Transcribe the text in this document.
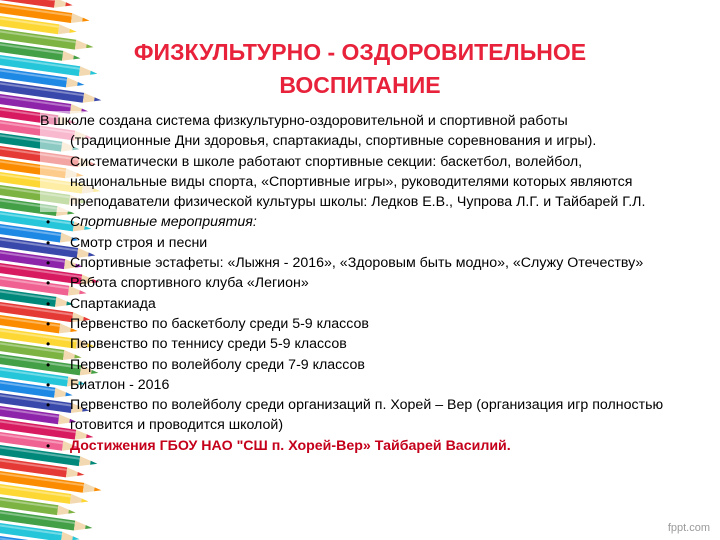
ФИЗКУЛЬТУРНО - ОЗДОРОВИТЕЛЬНОЕ
ВОСПИТАНИЕ

В школе создана система физкультурно-оздоровительной и спортивной работы (традиционные Дни здоровья, спартакиады, спортивные соревнования и игры). Систематически в школе работают спортивные секции: баскетбол, волейбол, национальные виды спорта, «Спортивные игры», руководителями которых являются преподаватели физической культуры школы: Ледков Е.В., Чупрова Л.Г. и Тайбарей Г.Л.

• Спортивные мероприятия:
• Смотр строя и песни
• Спортивные эстафеты: «Лыжня - 2016», «Здоровым быть модно», «Служу Отечеству»
• Работа спортивного клуба «Легион»
• Спартакиада
• Первенство по баскетболу среди 5-9 классов
• Первенство по теннису среди 5-9 классов
• Первенство по волейболу среди 7-9 классов
• Биатлон - 2016
• Первенство по волейболу среди организаций п. Хорей – Вер (организация игр полностью готовится и проводится школой)
• Достижения ГБОУ НАО "СШ п. Хорей-Вер» Тайбарей Василий.
fppt.com
